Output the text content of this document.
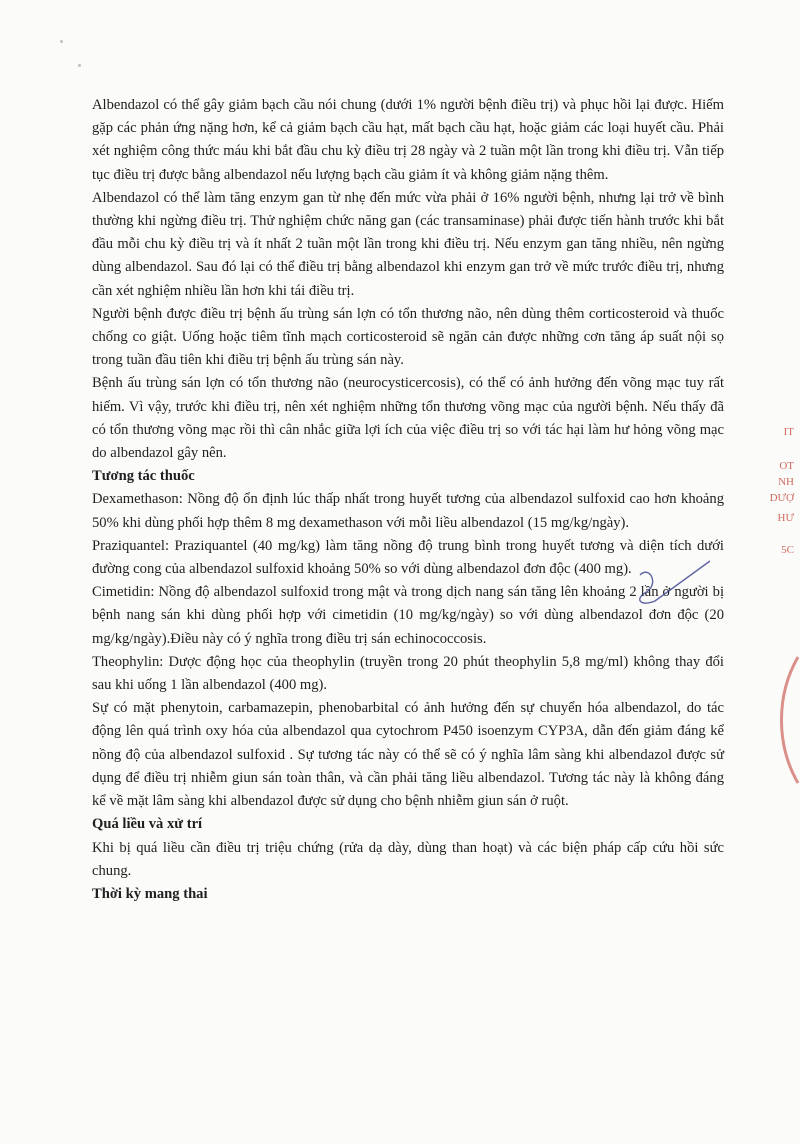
Albendazol có thể gây giảm bạch cầu nói chung (dưới 1% người bệnh điều trị) và phục hồi lại được. Hiếm gặp các phản ứng nặng hơn, kể cả giảm bạch cầu hạt, mất bạch cầu hạt, hoặc giảm các loại huyết cầu. Phải xét nghiệm công thức máu khi bắt đầu chu kỳ điều trị 28 ngày và 2 tuần một lần trong khi điều trị. Vẫn tiếp tục điều trị được bằng albendazol nếu lượng bạch cầu giảm ít và không giảm nặng thêm.

Albendazol có thể làm tăng enzym gan từ nhẹ đến mức vừa phải ở 16% người bệnh, nhưng lại trở về bình thường khi ngừng điều trị. Thử nghiệm chức năng gan (các transaminase) phải được tiến hành trước khi bắt đầu mỗi chu kỳ điều trị và ít nhất 2 tuần một lần trong khi điều trị. Nếu enzym gan tăng nhiều, nên ngừng dùng albendazol. Sau đó lại có thể điều trị bằng albendazol khi enzym gan trở về mức trước điều trị, nhưng cần xét nghiệm nhiều lần hơn khi tái điều trị.

Người bệnh được điều trị bệnh ấu trùng sán lợn có tổn thương não, nên dùng thêm corticosteroid và thuốc chống co giật. Uống hoặc tiêm tĩnh mạch corticosteroid sẽ ngăn cản được những cơn tăng áp suất nội sọ trong tuần đầu tiên khi điều trị bệnh ấu trùng sán này.

Bệnh ấu trùng sán lợn có tổn thương não (neurocysticercosis), có thể có ảnh hưởng đến võng mạc tuy rất hiếm. Vì vậy, trước khi điều trị, nên xét nghiệm những tổn thương võng mạc của người bệnh. Nếu thấy đã có tổn thương võng mạc rồi thì cân nhắc giữa lợi ích của việc điều trị so với tác hại làm hư hỏng võng mạc do albendazol gây nên.

Tương tác thuốc

Dexamethason: Nồng độ ổn định lúc thấp nhất trong huyết tương của albendazol sulfoxid cao hơn khoảng 50% khi dùng phối hợp thêm 8 mg dexamethason với mỗi liều albendazol (15 mg/kg/ngày).

Praziquantel: Praziquantel (40 mg/kg) làm tăng nồng độ trung bình trong huyết tương và diện tích dưới đường cong của albendazol sulfoxid khoảng 50% so với dùng albendazol đơn độc (400 mg).

Cimetidin: Nồng độ albendazol sulfoxid trong mật và trong dịch nang sán tăng lên khoảng 2 lần ở người bị bệnh nang sán khi dùng phối hợp với cimetidin (10 mg/kg/ngày) so với dùng albendazol đơn độc (20 mg/kg/ngày).Điều này có ý nghĩa trong điều trị sán echinococcosis.

Theophylin: Dược động học của theophylin (truyền trong 20 phút theophylin 5,8 mg/ml) không thay đổi sau khi uống 1 lần albendazol (400 mg).

Sự có mặt phenytoin, carbamazepin, phenobarbital có ảnh hưởng đến sự chuyển hóa albendazol, do tác động lên quá trình oxy hóa của albendazol qua cytochrom P450 isoenzym CYP3A, dẫn đến giảm đáng kể nồng độ của albendazol sulfoxid . Sự tương tác này có thể sẽ có ý nghĩa lâm sàng khi albendazol được sử dụng để điều trị nhiễm giun sán toàn thân, và cần phải tăng liều albendazol. Tương tác này là không đáng kể về mặt lâm sàng khi albendazol được sử dụng cho bệnh nhiễm giun sán ở ruột.

Quá liều và xử trí

Khi bị quá liều cần điều trị triệu chứng (rửa dạ dày, dùng than hoạt) và các biện pháp cấp cứu hồi sức chung.

Thời kỳ mang thai

IT
OT
NH
DƯỢ
HƯ
5C
